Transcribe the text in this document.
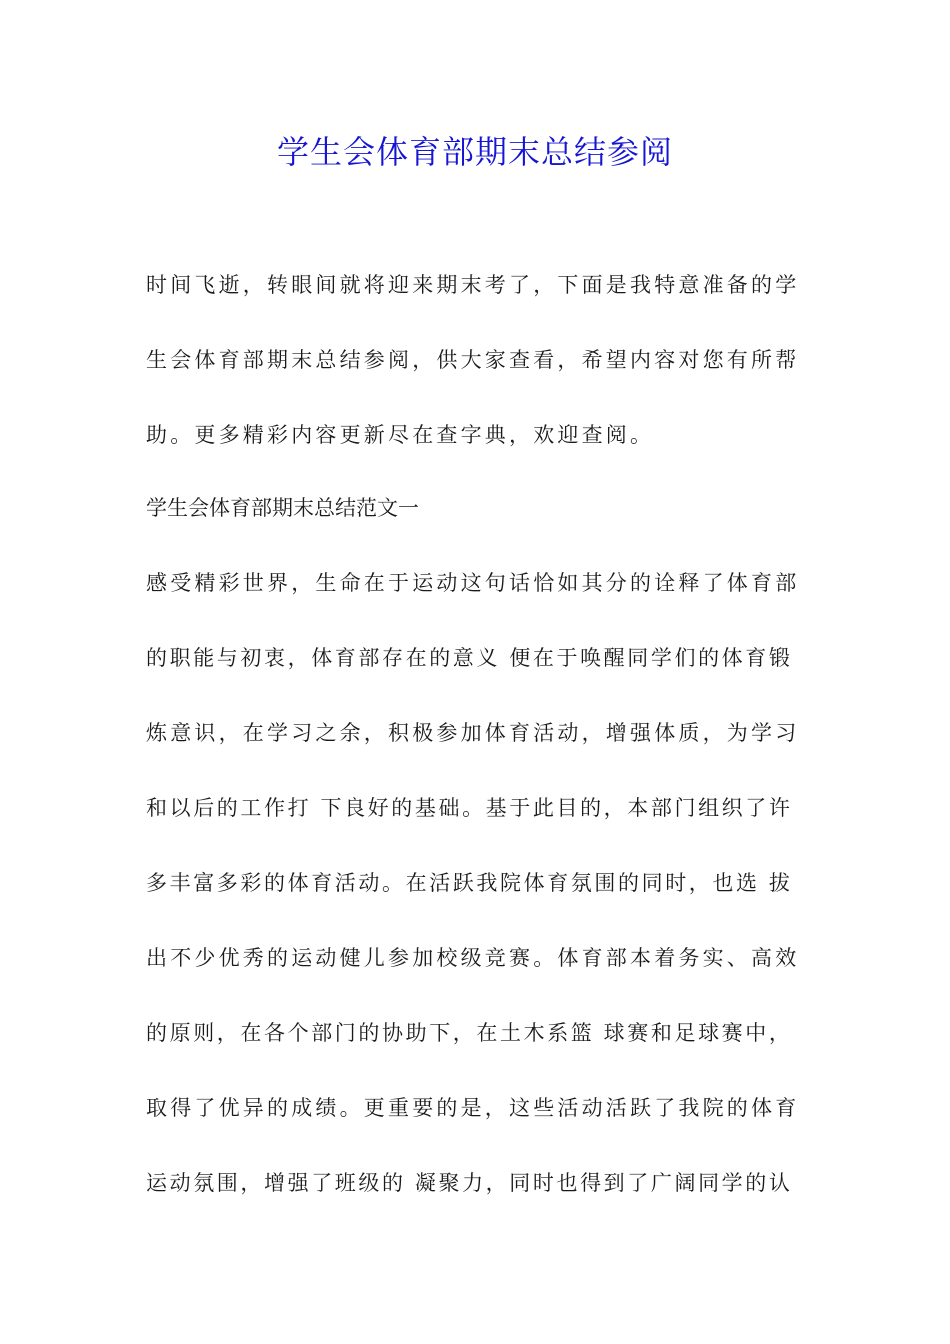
学生会体育部期末总结参阅
时间飞逝，转眼间就将迎来期末考了，下面是我特意准备的学
生会体育部期末总结参阅，供大家查看，希望内容对您有所帮
助。更多精彩内容更新尽在查字典，欢迎查阅。
学生会体育部期末总结范文一
感受精彩世界，生命在于运动这句话恰如其分的诠释了体育部
的职能与初衷，体育部存在的意义 便在于唤醒同学们的体育锻
炼意识，在学习之余，积极参加体育活动，增强体质，为学习
和以后的工作打 下良好的基础。基于此目的，本部门组织了许
多丰富多彩的体育活动。在活跃我院体育氛围的同时，也选 拔
出不少优秀的运动健儿参加校级竞赛。体育部本着务实、高效
的原则，在各个部门的协助下，在土木系篮 球赛和足球赛中，
取得了优异的成绩。更重要的是，这些活动活跃了我院的体育
运动氛围，增强了班级的 凝聚力，同时也得到了广阔同学的认
